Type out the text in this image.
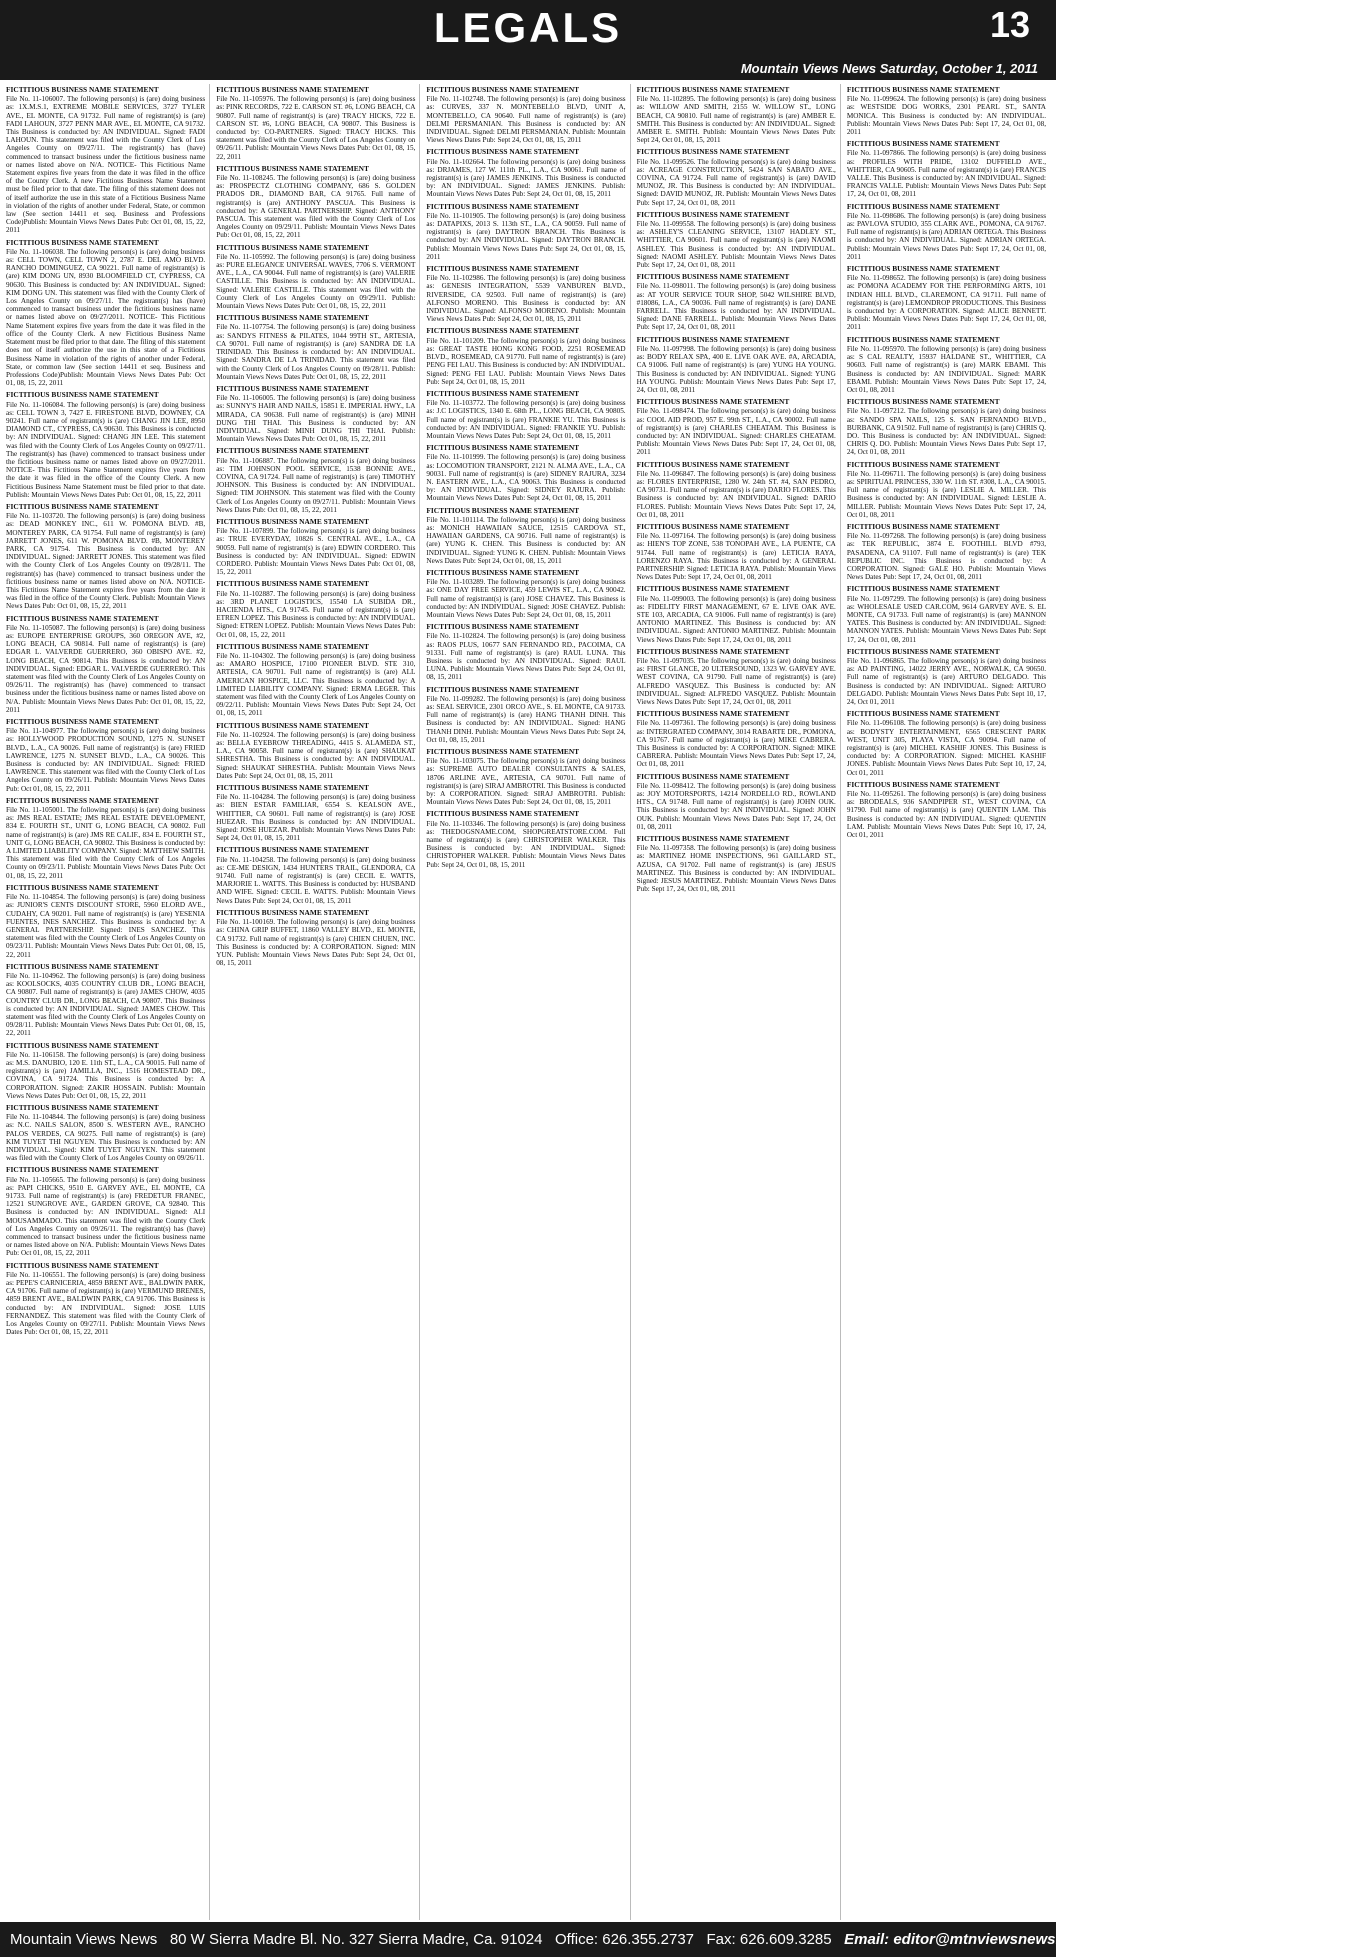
LEGALS	13
Mountain Views News Saturday, October 1, 2011
FICTITIOUS BUSINESS NAME STATEMENT
File No. 11-106007. The following person(s) is (are) doing business as: 1X.M.S.1, EXTREME MOBILE SERVICES, 3727 TYLER AVE., EL MONTE, CA 91732. Full name of registrant(s) is (are) FADI LAHOUN, 3727 PENN MAR AVE., EL MONTE, CA 91732. This Business is conducted by: AN INDIVIDUAL. Signed: FADI LAHOUN. This statement was filed with the County Clerk of Los Angeles County on 09/27/11. The registrant(s) has (have) commenced to transact business under the fictitious business name or names listed above on N/A. NOTICE- This Fictitious Name Statement expires five years from the date it was filed in the office of the County Clerk. A new Fictitious Business Name Statement must be filed prior to that date. The filing of this statement does not of itself authorize the use in this state of a Fictitious Business Name in violation of the rights of another under Federal, State, or common law (See section 14411 et seq. Business and Professions Code)Publish: Mountain Views News Dates Pub: Oct 01, 08, 15, 22, 2011
FICTITIOUS BUSINESS NAME STATEMENT
File No. 11-106038. The following person(s) is (are) doing business as: CELL TOWN, CELL TOWN 2, 2787 E. DEL AMO BLVD. RANCHO DOMINGUEZ, CA 90221. Full name of registrant(s) is (are) KIM DONG UN, 8930 BLOOMFIELD CT, CYPRESS, CA 90630. This Business is conducted by: AN INDIVIDUAL. Signed: KIM DONG UN. This statement was filed with the County Clerk of Los Angeles County on 09/27/11. The registrant(s) has (have) commenced to transact business under the fictitious business name or names listed above on 09/27/2011. NOTICE- This Fictitious Name Statement expires five years from the date it was filed in the office of the County Clerk. A new Fictitious Business Name Statement must be filed prior to that date. The filing of this statement does not of itself authorize the use in this state of a Fictitious Business Name in violation of the rights of another under Federal, State, or common law (See section 14411 et seq. Business and Professions Code)Publish: Mountain Views News Dates Pub: Oct 01, 08, 15, 22, 2011
FICTITIOUS BUSINESS NAME STATEMENT
File No. 11-106084. The following person(s) is (are) doing business as: CELL TOWN 3, 7427 E. FIRESTONE BLVD, DOWNEY, CA 90241. Full name of registrant(s) is (are) CHANG JIN LEE, 8950 DIAMOND CT., CYPRESS, CA 90630. This Business is conducted by: AN INDIVIDUAL. Signed: CHANG JIN LEE. This statement was filed with the County Clerk of Los Angeles County on 09/27/11. The registrant(s) has (have) commenced to transact business under the fictitious business name or names listed above on 09/27/2011. NOTICE- This Fictitious Name Statement expires five years from the date it was filed in the office of the County Clerk. A new Fictitious Business Name Statement must be filed prior to that date. Publish: Mountain Views News Dates Pub: Oct 01, 08, 15, 22, 2011
FICTITIOUS BUSINESS NAME STATEMENT
File No. 11-103720. The following person(s) is (are) doing business as: DEAD MONKEY INC., 611 W. POMONA BLVD. #B, MONTEREY PARK, CA 91754. Full name of registrant(s) is (are) JARRETT JONES, 611 W. POMONA BLVD. #B, MONTEREY PARK, CA 91754. This Business is conducted by: AN INDIVIDUAL. Signed: JARRETT JONES. This statement was filed with the County Clerk of Los Angeles County on 09/28/11. The registrant(s) has (have) commenced to transact business under the fictitious business name or names listed above on N/A. NOTICE- This Fictitious Name Statement expires five years from the date it was filed in the office of the County Clerk. Publish: Mountain Views News Dates Pub: Oct 01, 08, 15, 22, 2011
FICTITIOUS BUSINESS NAME STATEMENT
File No. 11-105087. The following person(s) is (are) doing business as: EUROPE ENTERPRISE GROUPS, 360 OREGON AVE, #2, LONG BEACH, CA 90814. Full name of registrant(s) is (are) EDGAR L. VALVERDE GUERRERO, 360 OBISPO AVE. #2, LONG BEACH, CA 90814. This Business is conducted by: AN INDIVIDUAL. Signed: EDGAR L. VALVERDE GUERRERO. This statement was filed with the County Clerk of Los Angeles County on 09/26/11. The registrant(s) has (have) commenced to transact business under the fictitious business name or names listed above on N/A. Publish: Mountain Views News Dates Pub: Oct 01, 08, 15, 22, 2011
FICTITIOUS BUSINESS NAME STATEMENT
File No. 11-104977. The following person(s) is (are) doing business as: HOLLYWOOD PRODUCTION SOUND, 1275 N. SUNSET BLVD., L.A., CA 90026. Full name of registrant(s) is (are) FRIED LAWRENCE, 1275 N. SUNSET BLVD., L.A., CA 90026. This Business is conducted by: AN INDIVIDUAL. Signed: FRIED LAWRENCE. This statement was filed with the County Clerk of Los Angeles County on 09/26/11. Publish: Mountain Views News Dates Pub: Oct 01, 08, 15, 22, 2011
FICTITIOUS BUSINESS NAME STATEMENT
File No. 11-105001. The following person(s) is (are) doing business as: JMS REAL ESTATE; JMS REAL ESTATE DEVELOPMENT, 834 E. FOURTH ST., UNIT G, LONG BEACH, CA 90802. Full name of registrant(s) is (are) JMS RE CALIF., 834 E. FOURTH ST., UNIT G, LONG BEACH, CA 90802. This Business is conducted by: A LIMITED LIABILITY COMPANY. Signed: MATTHEW SMITH. This statement was filed with the County Clerk of Los Angeles County on 09/23/11. Publish: Mountain Views News Dates Pub: Oct 01, 08, 15, 22, 2011
FICTITIOUS BUSINESS NAME STATEMENT
File No. 11-104854. The following person(s) is (are) doing business as: JUNIOR'S CENTS DISCOUNT STORE, 5960 ELORD AVE., CUDAHY, CA 90201. Full name of registrant(s) is (are) YESENIA FUENTES, INES SANCHEZ. This Business is conducted by: A GENERAL PARTNERSHIP. Signed: INES SANCHEZ. This statement was filed with the County Clerk of Los Angeles County on 09/23/11. Publish: Mountain Views News Dates Pub: Oct 01, 08, 15, 22, 2011
FICTITIOUS BUSINESS NAME STATEMENT
File No. 11-104962. The following person(s) is (are) doing business as: KOOLSOCKS, 4035 COUNTRY CLUB DR., LONG BEACH, CA 90807. Full name of registrant(s) is (are) JAMES CHOW, 4035 COUNTRY CLUB DR., LONG BEACH, CA 90807. This Business is conducted by: AN INDIVIDUAL. Signed: JAMES CHOW. This statement was filed with the County Clerk of Los Angeles County on 09/28/11. Publish: Mountain Views News Dates Pub: Oct 01, 08, 15, 22, 2011
FICTITIOUS BUSINESS NAME STATEMENT
File No. 11-106158. The following person(s) is (are) doing business as: M.S. DANUBIO, 120 E. 11th ST., L.A., CA 90015. Full name of registrant(s) is (are) JAMILLA, INC., 1516 HOMESTEAD DR., COVINA, CA 91724. This Business is conducted by: A CORPORATION. Signed: ZAKIR HOSSAIN. Publish: Mountain Views News Dates Pub: Oct 01, 08, 15, 22, 2011
FICTITIOUS BUSINESS NAME STATEMENT
File No. 11-104844. The following person(s) is (are) doing business as: N.C. NAILS SALON, 8500 S. WESTERN AVE., RANCHO PALOS VERDES, CA 90275. Full name of registrant(s) is (are) KIM TUYET THI NGUYEN. This Business is conducted by: AN INDIVIDUAL. Signed: KIM TUYET NGUYEN. This statement was filed with the County Clerk of Los Angeles County on 09/26/11.
FICTITIOUS BUSINESS NAME STATEMENT
File No. 11-105665. The following person(s) is (are) doing business as: PAPI CHICKS, 9510 E. GARVEY AVE., EL MONTE, CA 91733. Full name of registrant(s) is (are) FREDETUR FRANEC, 12521 SUNGROVE AVE., GARDEN GROVE, CA 92840. This Business is conducted by: AN INDIVIDUAL. Signed: ALI MOUSAMMADO. This statement was filed with the County Clerk of Los Angeles County on 09/26/11. The registrant(s) has (have) commenced to transact business under the fictitious business name or names listed above on N/A. Publish: Mountain Views News Dates Pub: Oct 01, 08, 15, 22, 2011
FICTITIOUS BUSINESS NAME STATEMENT
File No. 11-106551. The following person(s) is (are) doing business as: PEPE'S CARNICERIA, 4859 BRENT AVE., BALDWIN PARK, CA 91706. Full name of registrant(s) is (are) VERMUND BRENES, 4859 BRENT AVE., BALDWIN PARK, CA 91706. This Business is conducted by: AN INDIVIDUAL. Signed: JOSE LUIS FERNANDEZ. This statement was filed with the County Clerk of Los Angeles County on 09/27/11. Publish: Mountain Views News Dates Pub: Oct 01, 08, 15, 22, 2011
FICTITIOUS BUSINESS NAME STATEMENT
File No. 11-105976. The following person(s) is (are) doing business as: PINK RECORDS, 722 E. CARSON ST. #6, LONG BEACH, CA 90807. Full name of registrant(s) is (are) TRACY HICKS, 722 E. CARSON ST. #6, LONG BEACH, CA 90807. This Business is conducted by: CO-PARTNERS. Signed: TRACY HICKS. This statement was filed with the County Clerk of Los Angeles County on 09/26/11. Publish: Mountain Views News Dates Pub: Oct 01, 08, 15, 22, 2011
FICTITIOUS BUSINESS NAME STATEMENT
File No. 11-108245. The following person(s) is (are) doing business as: PROSPECTZ CLOTHING COMPANY, 686 S. GOLDEN PRADOS DR., DIAMOND BAR, CA 91765. Full name of registrant(s) is (are) ANTHONY PASCUA. This Business is conducted by: A GENERAL PARTNERSHIP. Signed: ANTHONY PASCUA. This statement was filed with the County Clerk of Los Angeles County on 09/29/11. Publish: Mountain Views News Dates Pub: Oct 01, 08, 15, 22, 2011
FICTITIOUS BUSINESS NAME STATEMENT
File No. 11-105992. The following person(s) is (are) doing business as: PURE ELEGANCE UNIVERSAL WAVES, 7706 S. VERMONT AVE., L.A., CA 90044. Full name of registrant(s) is (are) VALERIE CASTILLE. This Business is conducted by: AN INDIVIDUAL. Signed: VALERIE CASTILLE. This statement was filed with the County Clerk of Los Angeles County on 09/29/11. Publish: Mountain Views News Dates Pub: Oct 01, 08, 15, 22, 2011
FICTITIOUS BUSINESS NAME STATEMENT
File No. 11-107754. The following person(s) is (are) doing business as: SANDYS FITNESS & PILATES, 1044 99TH ST., ARTESIA, CA 90701. Full name of registrant(s) is (are) SANDRA DE LA TRINIDAD. This Business is conducted by: AN INDIVIDUAL. Signed: SANDRA DE LA TRINIDAD. This statement was filed with the County Clerk of Los Angeles County on 09/28/11. Publish: Mountain Views News Dates Pub: Oct 01, 08, 15, 22, 2011
FICTITIOUS BUSINESS NAME STATEMENT
File No. 11-106005. The following person(s) is (are) doing business as: SUNNY'S HAIR AND NAILS, 15851 E. IMPERIAL HWY., LA MIRADA, CA 90638. Full name of registrant(s) is (are) MINH DUNG THI THAI. This Business is conducted by: AN INDIVIDUAL. Signed: MINH DUNG THI THAI. Publish: Mountain Views News Dates Pub: Oct 01, 08, 15, 22, 2011
FICTITIOUS BUSINESS NAME STATEMENT
File No. 11-106887. The following person(s) is (are) doing business as: TIM JOHNSON POOL SERVICE, 1538 BONNIE AVE., COVINA, CA 91724. Full name of registrant(s) is (are) TIMOTHY JOHNSON. This Business is conducted by: AN INDIVIDUAL. Signed: TIM JOHNSON. This statement was filed with the County Clerk of Los Angeles County on 09/27/11. Publish: Mountain Views News Dates Pub: Oct 01, 08, 15, 22, 2011
FICTITIOUS BUSINESS NAME STATEMENT
File No. 11-107899. The following person(s) is (are) doing business as: TRUE EVERYDAY, 10826 S. CENTRAL AVE., L.A., CA 90059. Full name of registrant(s) is (are) EDWIN CORDERO. This Business is conducted by: AN INDIVIDUAL. Signed: EDWIN CORDERO. Publish: Mountain Views News Dates Pub: Oct 01, 08, 15, 22, 2011
FICTITIOUS BUSINESS NAME STATEMENT
File No. 11-102887. The following person(s) is (are) doing business as: 3RD PLANET LOGISTICS, 15540 LA SUBIDA DR., HACIENDA HTS., CA 91745. Full name of registrant(s) is (are) ETREN LOPEZ. This Business is conducted by: AN INDIVIDUAL. Signed: ETREN LOPEZ. Publish: Mountain Views News Dates Pub: Oct 01, 08, 15, 22, 2011
FICTITIOUS BUSINESS NAME STATEMENT
File No. 11-104302. The following person(s) is (are) doing business as: AMARO HOSPICE, 17100 PIONEER BLVD. STE 310, ARTESIA, CA 90701. Full name of registrant(s) is (are) ALL AMERICAN HOSPICE, LLC. This Business is conducted by: A LIMITED LIABILITY COMPANY. Signed: ERMA LEGER. This statement was filed with the County Clerk of Los Angeles County on 09/22/11. Publish: Mountain Views News Dates Pub: Sept 24, Oct 01, 08, 15, 2011
FICTITIOUS BUSINESS NAME STATEMENT
File No. 11-102924. The following person(s) is (are) doing business as: BELLA EYEBROW THREADING, 4415 S. ALAMEDA ST., L.A., CA 90058. Full name of registrant(s) is (are) SHAUKAT SHRESTHA. This Business is conducted by: AN INDIVIDUAL. Signed: SHAUKAT SHRESTHA. Publish: Mountain Views News Dates Pub: Sept 24, Oct 01, 08, 15, 2011
FICTITIOUS BUSINESS NAME STATEMENT
File No. 11-104284. The following person(s) is (are) doing business as: BIEN ESTAR FAMILIAR, 6554 S. KEALSON AVE., WHITTIER, CA 90601. Full name of registrant(s) is (are) JOSE HUEZAR. This Business is conducted by: AN INDIVIDUAL. Signed: JOSE HUEZAR. Publish: Mountain Views News Dates Pub: Sept 24, Oct 01, 08, 15, 2011
FICTITIOUS BUSINESS NAME STATEMENT
File No. 11-104258. The following person(s) is (are) doing business as: CE-ME DESIGN, 1434 HUNTERS TRAIL, GLENDORA, CA 91740. Full name of registrant(s) is (are) CECIL E. WATTS, MARJORIE L. WATTS. This Business is conducted by: HUSBAND AND WIFE. Signed: CECIL E. WATTS. Publish: Mountain Views News Dates Pub: Sept 24, Oct 01, 08, 15, 2011
FICTITIOUS BUSINESS NAME STATEMENT
File No. 11-100169. The following person(s) is (are) doing business as: CHINA GRIP BUFFET, 11860 VALLEY BLVD., EL MONTE, CA 91732. Full name of registrant(s) is (are) CHIEN CHUEN, INC. This Business is conducted by: A CORPORATION. Signed: MIN YUN. Publish: Mountain Views News Dates Pub: Sept 24, Oct 01, 08, 15, 2011
FICTITIOUS BUSINESS NAME STATEMENT
File No. 11-102748. The following person(s) is (are) doing business as: CURVES, 337 N. MONTEBELLO BLVD, UNIT A, MONTEBELLO, CA 90640. Full name of registrant(s) is (are) DELMI PERSMANIAN. This Business is conducted by: AN INDIVIDUAL. Signed: DELMI PERSMANIAN. Publish: Mountain Views News Dates Pub: Sept 24, Oct 01, 08, 15, 2011
FICTITIOUS BUSINESS NAME STATEMENT
File No. 11-102664. The following person(s) is (are) doing business as: DRJAMES, 127 W. 111th PL., L.A., CA 90061. Full name of registrant(s) is (are) JAMES JENKINS. This Business is conducted by: AN INDIVIDUAL. Signed: JAMES JENKINS. Publish: Mountain Views News Dates Pub: Sept 24, Oct 01, 08, 15, 2011
FICTITIOUS BUSINESS NAME STATEMENT
File No. 11-101905. The following person(s) is (are) doing business as: DATAPIXS, 2013 S. 113th ST., L.A., CA 90059. Full name of registrant(s) is (are) DAYTRON BRANCH. This Business is conducted by: AN INDIVIDUAL. Signed: DAYTRON BRANCH. Publish: Mountain Views News Dates Pub: Sept 24, Oct 01, 08, 15, 2011
FICTITIOUS BUSINESS NAME STATEMENT
File No. 11-102986. The following person(s) is (are) doing business as: GENESIS INTEGRATION, 5539 VANBUREN BLVD., RIVERSIDE, CA 92503. Full name of registrant(s) is (are) ALFONSO MORENO. This Business is conducted by: AN INDIVIDUAL. Signed: ALFONSO MORENO. Publish: Mountain Views News Dates Pub: Sept 24, Oct 01, 08, 15, 2011
FICTITIOUS BUSINESS NAME STATEMENT
File No. 11-101209. The following person(s) is (are) doing business as: GREAT TASTE HONG KONG FOOD, 2251 ROSEMEAD BLVD., ROSEMEAD, CA 91770. Full name of registrant(s) is (are) PENG FEI LAU. This Business is conducted by: AN INDIVIDUAL. Signed: PENG FEI LAU. Publish: Mountain Views News Dates Pub: Sept 24, Oct 01, 08, 15, 2011
FICTITIOUS BUSINESS NAME STATEMENT
File No. 11-103772. The following person(s) is (are) doing business as: J.C LOGISTICS, 1340 E. 68th PL., LONG BEACH, CA 90805. Full name of registrant(s) is (are) FRANKIE YU. This Business is conducted by: AN INDIVIDUAL. Signed: FRANKIE YU. Publish: Mountain Views News Dates Pub: Sept 24, Oct 01, 08, 15, 2011
FICTITIOUS BUSINESS NAME STATEMENT
File No. 11-101999. The following person(s) is (are) doing business as: LOCOMOTION TRANSPORT, 2121 N. ALMA AVE., L.A., CA 90031. Full name of registrant(s) is (are) SIDNEY RAJURA, 3234 N. EASTERN AVE., L.A., CA 90063. This Business is conducted by: AN INDIVIDUAL. Signed: SIDNEY RAJURA. Publish: Mountain Views News Dates Pub: Sept 24, Oct 01, 08, 15, 2011
FICTITIOUS BUSINESS NAME STATEMENT
File No. 11-101114. The following person(s) is (are) doing business as: MONICH HAWAIIAN SAUCE, 12515 CARDOVA ST., HAWAIIAN GARDENS, CA 90716. Full name of registrant(s) is (are) YUNG K. CHEN. This Business is conducted by: AN INDIVIDUAL. Signed: YUNG K. CHEN. Publish: Mountain Views News Dates Pub: Sept 24, Oct 01, 08, 15, 2011
FICTITIOUS BUSINESS NAME STATEMENT
File No. 11-103289. The following person(s) is (are) doing business as: ONE DAY FREE SERVICE, 459 LEWIS ST., L.A., CA 90042. Full name of registrant(s) is (are) JOSE CHAVEZ. This Business is conducted by: AN INDIVIDUAL. Signed: JOSE CHAVEZ. Publish: Mountain Views News Dates Pub: Sept 24, Oct 01, 08, 15, 2011
FICTITIOUS BUSINESS NAME STATEMENT
File No. 11-102824. The following person(s) is (are) doing business as: RAOS PLUS, 10677 SAN FERNANDO RD., PACOIMA, CA 91331. Full name of registrant(s) is (are) RAUL LUNA. This Business is conducted by: AN INDIVIDUAL. Signed: RAUL LUNA. Publish: Mountain Views News Dates Pub: Sept 24, Oct 01, 08, 15, 2011
FICTITIOUS BUSINESS NAME STATEMENT
File No. 11-099282. The following person(s) is (are) doing business as: SEAL SERVICE, 2301 ORCO AVE., S. EL MONTE, CA 91733. Full name of registrant(s) is (are) HANG THANH DINH. This Business is conducted by: AN INDIVIDUAL. Signed: HANG THANH DINH. Publish: Mountain Views News Dates Pub: Sept 24, Oct 01, 08, 15, 2011
FICTITIOUS BUSINESS NAME STATEMENT
File No. 11-103075. The following person(s) is (are) doing business as: SUPREME AUTO DEALER CONSULTANTS & SALES, 18706 ARLINE AVE., ARTESIA, CA 90701. Full name of registrant(s) is (are) SIRAJ AMBROTRI. This Business is conducted by: A CORPORATION. Signed: SIRAJ AMBROTRI. Publish: Mountain Views News Dates Pub: Sept 24, Oct 01, 08, 15, 2011
FICTITIOUS BUSINESS NAME STATEMENT
File No. 11-103346. The following person(s) is (are) doing business as: THEDOGSNAME.COM, SHOPGREATSTORE.COM. Full name of registrant(s) is (are) CHRISTOPHER WALKER. This Business is conducted by: AN INDIVIDUAL. Signed: CHRISTOPHER WALKER. Publish: Mountain Views News Dates Pub: Sept 24, Oct 01, 08, 15, 2011
FICTITIOUS BUSINESS NAME STATEMENT
File No. 11-102895. The following person(s) is (are) doing business as: WILLOW AND SMITH, 2155 W. WILLOW ST., LONG BEACH, CA 90810. Full name of registrant(s) is (are) AMBER E. SMITH. This Business is conducted by: AN INDIVIDUAL. Signed: AMBER E. SMITH. Publish: Mountain Views News Dates Pub: Sept 24, Oct 01, 08, 15, 2011
FICTITIOUS BUSINESS NAME STATEMENT
File No. 11-099526. The following person(s) is (are) doing business as: ACREAGE CONSTRUCTION, 5424 SAN SABATO AVE., COVINA, CA 91724. Full name of registrant(s) is (are) DAVID MUNOZ, JR. This Business is conducted by: AN INDIVIDUAL. Signed: DAVID MUNOZ, JR. Publish: Mountain Views News Dates Pub: Sept 17, 24, Oct 01, 08, 2011
FICTITIOUS BUSINESS NAME STATEMENT
File No. 11-099558. The following person(s) is (are) doing business as: ASHLEY'S CLEANING SERVICE, 13107 HADLEY ST., WHITTIER, CA 90601. Full name of registrant(s) is (are) NAOMI ASHLEY. This Business is conducted by: AN INDIVIDUAL. Signed: NAOMI ASHLEY. Publish: Mountain Views News Dates Pub: Sept 17, 24, Oct 01, 08, 2011
FICTITIOUS BUSINESS NAME STATEMENT
File No. 11-098011. The following person(s) is (are) doing business as: AT YOUR SERVICE TOUR SHOP, 5042 WILSHIRE BLVD, #18086, L.A., CA 90036. Full name of registrant(s) is (are) DANE FARRELL. This Business is conducted by: AN INDIVIDUAL. Signed: DANE FARRELL. Publish: Mountain Views News Dates Pub: Sept 17, 24, Oct 01, 08, 2011
FICTITIOUS BUSINESS NAME STATEMENT
File No. 11-097998. The following person(s) is (are) doing business as: BODY RELAX SPA, 400 E. LIVE OAK AVE. #A, ARCADIA, CA 91006. Full name of registrant(s) is (are) YUNG HA YOUNG. This Business is conducted by: AN INDIVIDUAL. Signed: YUNG HA YOUNG. Publish: Mountain Views News Dates Pub: Sept 17, 24, Oct 01, 08, 2011
FICTITIOUS BUSINESS NAME STATEMENT
File No. 11-098474. The following person(s) is (are) doing business as: COOL AID PROD, 957 E. 99th ST., L.A., CA 90002. Full name of registrant(s) is (are) CHARLES CHEATAM. This Business is conducted by: AN INDIVIDUAL. Signed: CHARLES CHEATAM. Publish: Mountain Views News Dates Pub: Sept 17, 24, Oct 01, 08, 2011
FICTITIOUS BUSINESS NAME STATEMENT
File No. 11-096847. The following person(s) is (are) doing business as: FLORES ENTERPRISE, 1280 W. 24th ST. #4, SAN PEDRO, CA 90731. Full name of registrant(s) is (are) DARIO FLORES. This Business is conducted by: AN INDIVIDUAL. Signed: DARIO FLORES. Publish: Mountain Views News Dates Pub: Sept 17, 24, Oct 01, 08, 2011
FICTITIOUS BUSINESS NAME STATEMENT
File No. 11-097164. The following person(s) is (are) doing business as: HIEN'S TOP ZONE, 538 TONOPAH AVE., LA PUENTE, CA 91744. Full name of registrant(s) is (are) LETICIA RAYA, LORENZO RAYA. This Business is conducted by: A GENERAL PARTNERSHIP. Signed: LETICIA RAYA. Publish: Mountain Views News Dates Pub: Sept 17, 24, Oct 01, 08, 2011
FICTITIOUS BUSINESS NAME STATEMENT
File No. 11-099003. The following person(s) is (are) doing business as: FIDELITY FIRST MANAGEMENT, 67 E. LIVE OAK AVE. STE 103, ARCADIA, CA 91006. Full name of registrant(s) is (are) ANTONIO MARTINEZ. This Business is conducted by: AN INDIVIDUAL. Signed: ANTONIO MARTINEZ. Publish: Mountain Views News Dates Pub: Sept 17, 24, Oct 01, 08, 2011
FICTITIOUS BUSINESS NAME STATEMENT
File No. 11-097035. The following person(s) is (are) doing business as: FIRST GLANCE, 20 ULTERSOUND, 1323 W. GARVEY AVE. WEST COVINA, CA 91790. Full name of registrant(s) is (are) ALFREDO VASQUEZ. This Business is conducted by: AN INDIVIDUAL. Signed: ALFREDO VASQUEZ. Publish: Mountain Views News Dates Pub: Sept 17, 24, Oct 01, 08, 2011
FICTITIOUS BUSINESS NAME STATEMENT
File No. 11-097361. The following person(s) is (are) doing business as: INTERGRATED COMPANY, 3014 RABARTE DR., POMONA, CA 91767. Full name of registrant(s) is (are) MIKE CABRERA. This Business is conducted by: A CORPORATION. Signed: MIKE CABRERA. Publish: Mountain Views News Dates Pub: Sept 17, 24, Oct 01, 08, 2011
FICTITIOUS BUSINESS NAME STATEMENT
File No. 11-098412. The following person(s) is (are) doing business as: JOY MOTORSPORTS, 14214 NORDELLO RD., ROWLAND HTS., CA 91748. Full name of registrant(s) is (are) JOHN OUK. This Business is conducted by: AN INDIVIDUAL. Signed: JOHN OUK. Publish: Mountain Views News Dates Pub: Sept 17, 24, Oct 01, 08, 2011
FICTITIOUS BUSINESS NAME STATEMENT
File No. 11-097358. The following person(s) is (are) doing business as: MARTINEZ HOME INSPECTIONS, 961 GAILLARD ST., AZUSA, CA 91702. Full name of registrant(s) is (are) JESUS MARTINEZ. This Business is conducted by: AN INDIVIDUAL. Signed: JESUS MARTINEZ. Publish: Mountain Views News Dates Pub: Sept 17, 24, Oct 01, 08, 2011
FICTITIOUS BUSINESS NAME STATEMENT
File No. 11-099624. The following person(s) is (are) doing business as: WESTSIDE DOG WORKS, 2301 PEARL ST., SANTA MONICA. This Business is conducted by: AN INDIVIDUAL. Publish: Mountain Views News Dates Pub: Sept 17, 24, Oct 01, 08, 2011
FICTITIOUS BUSINESS NAME STATEMENT
File No. 11-097866. The following person(s) is (are) doing business as: PROFILES WITH PRIDE, 13102 DUFFIELD AVE., WHITTIER, CA 90605. Full name of registrant(s) is (are) FRANCIS VALLE. This Business is conducted by: AN INDIVIDUAL. Signed: FRANCIS VALLE. Publish: Mountain Views News Dates Pub: Sept 17, 24, Oct 01, 08, 2011
FICTITIOUS BUSINESS NAME STATEMENT
File No. 11-098686. The following person(s) is (are) doing business as: PAVLOVA STUDIO, 355 CLARK AVE., POMONA, CA 91767. Full name of registrant(s) is (are) ADRIAN ORTEGA. This Business is conducted by: AN INDIVIDUAL. Signed: ADRIAN ORTEGA. Publish: Mountain Views News Dates Pub: Sept 17, 24, Oct 01, 08, 2011
FICTITIOUS BUSINESS NAME STATEMENT
File No. 11-098652. The following person(s) is (are) doing business as: POMONA ACADEMY FOR THE PERFORMING ARTS, 101 INDIAN HILL BLVD., CLAREMONT, CA 91711. Full name of registrant(s) is (are) LEMONDROP PRODUCTIONS. This Business is conducted by: A CORPORATION. Signed: ALICE BENNETT. Publish: Mountain Views News Dates Pub: Sept 17, 24, Oct 01, 08, 2011
FICTITIOUS BUSINESS NAME STATEMENT
File No. 11-095970. The following person(s) is (are) doing business as: S CAL REALTY, 15937 HALDANE ST., WHITTIER, CA 90603. Full name of registrant(s) is (are) MARK EBAMI. This Business is conducted by: AN INDIVIDUAL. Signed: MARK EBAMI. Publish: Mountain Views News Dates Pub: Sept 17, 24, Oct 01, 08, 2011
FICTITIOUS BUSINESS NAME STATEMENT
File No. 11-097212. The following person(s) is (are) doing business as: SANDO SPA NAILS, 125 S. SAN FERNANDO BLVD., BURBANK, CA 91502. Full name of registrant(s) is (are) CHRIS Q. DO. This Business is conducted by: AN INDIVIDUAL. Signed: CHRIS Q. DO. Publish: Mountain Views News Dates Pub: Sept 17, 24, Oct 01, 08, 2011
FICTITIOUS BUSINESS NAME STATEMENT
File No. 11-096711. The following person(s) is (are) doing business as: SPIRITUAL PRINCESS, 330 W. 11th ST. #308, L.A., CA 90015. Full name of registrant(s) is (are) LESLIE A. MILLER. This Business is conducted by: AN INDIVIDUAL. Signed: LESLIE A. MILLER. Publish: Mountain Views News Dates Pub: Sept 17, 24, Oct 01, 08, 2011
FICTITIOUS BUSINESS NAME STATEMENT
File No. 11-097268. The following person(s) is (are) doing business as: TEK REPUBLIC, 3874 E. FOOTHILL BLVD #793, PASADENA, CA 91107. Full name of registrant(s) is (are) TEK REPUBLIC INC. This Business is conducted by: A CORPORATION. Signed: GALE HO. Publish: Mountain Views News Dates Pub: Sept 17, 24, Oct 01, 08, 2011
FICTITIOUS BUSINESS NAME STATEMENT
File No. 11-097299. The following person(s) is (are) doing business as: WHOLESALE USED CAR.COM, 9614 GARVEY AVE. S. EL MONTE, CA 91733. Full name of registrant(s) is (are) MANNON YATES. This Business is conducted by: AN INDIVIDUAL. Signed: MANNON YATES. Publish: Mountain Views News Dates Pub: Sept 17, 24, Oct 01, 08, 2011
FICTITIOUS BUSINESS NAME STATEMENT
File No. 11-096865. The following person(s) is (are) doing business as: AD PAINTING, 14022 JERRY AVE., NORWALK, CA 90650. Full name of registrant(s) is (are) ARTURO DELGADO. This Business is conducted by: AN INDIVIDUAL. Signed: ARTURO DELGADO. Publish: Mountain Views News Dates Pub: Sept 10, 17, 24, Oct 01, 2011
FICTITIOUS BUSINESS NAME STATEMENT
File No. 11-096108. The following person(s) is (are) doing business as: BODYSTY ENTERTAINMENT, 6565 CRESCENT PARK WEST, UNIT 305, PLAYA VISTA, CA 90094. Full name of registrant(s) is (are) MICHEL KASHIF JONES. This Business is conducted by: A CORPORATION. Signed: MICHEL KASHIF JONES. Publish: Mountain Views News Dates Pub: Sept 10, 17, 24, Oct 01, 2011
FICTITIOUS BUSINESS NAME STATEMENT
File No. 11-095261. The following person(s) is (are) doing business as: BRODEALS, 936 SANDPIPER ST., WEST COVINA, CA 91790. Full name of registrant(s) is (are) QUENTIN LAM. This Business is conducted by: AN INDIVIDUAL. Signed: QUENTIN LAM. Publish: Mountain Views News Dates Pub: Sept 10, 17, 24, Oct 01, 2011
Mountain Views News 80 W Sierra Madre Bl. No. 327 Sierra Madre, Ca. 91024 Office: 626.355.2737 Fax: 626.609.3285 Email: editor@mtnviewsnews.com Website: www.mtnviewsnews.com
